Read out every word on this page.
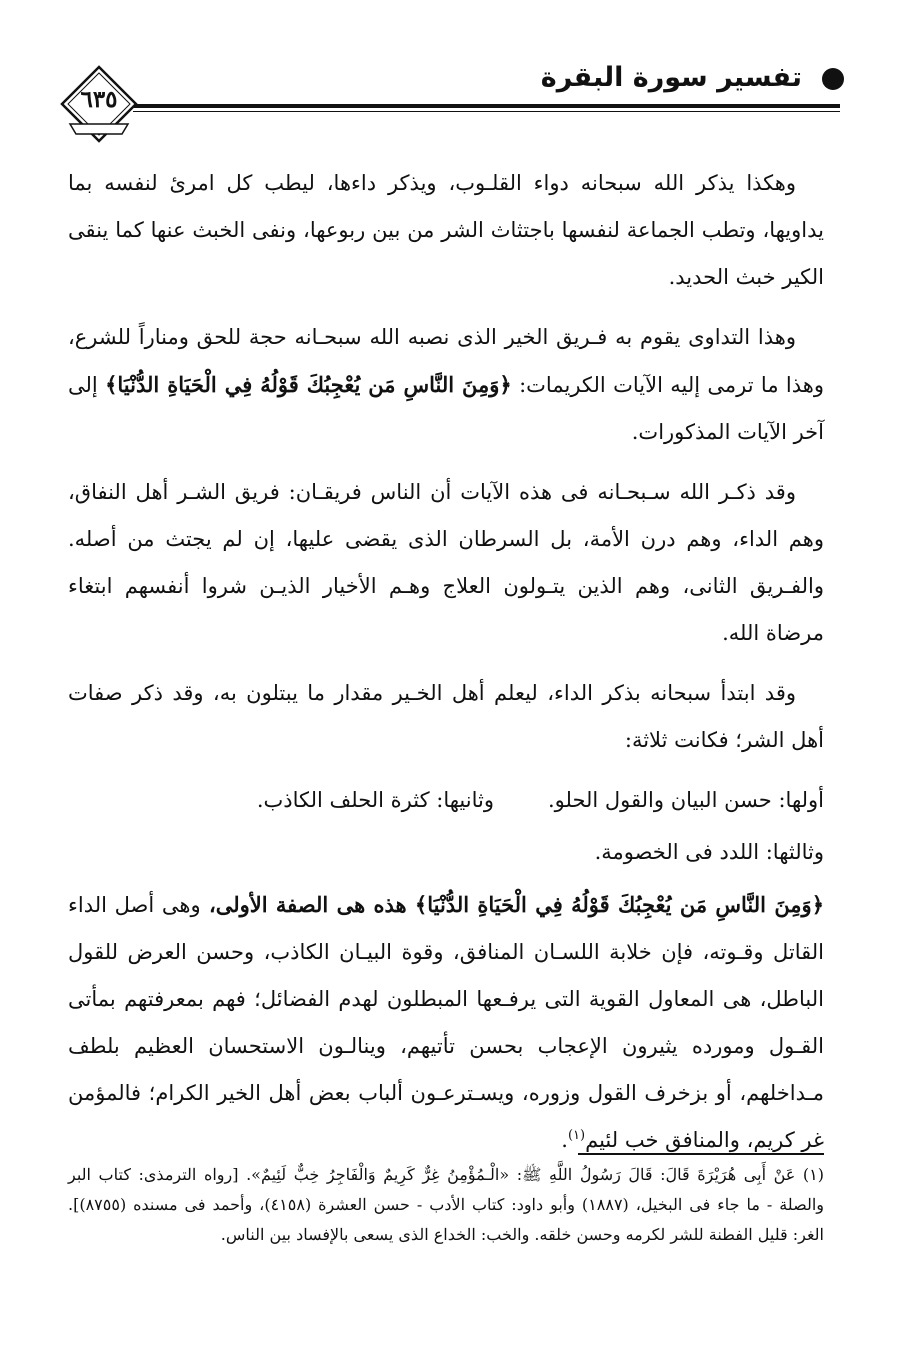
تفسير سورة البقرة
٦٣٥

وهكذا يذكر الله سبحانه دواء القلـوب، ويذكر داءها، ليطب كل امرئ لنفسه بما يداويها، وتطب الجماعة لنفسها باجتثاث الشر من بين ربوعها، ونفى الخبث عنها كما ينقى الكير خبث الحديد.

وهذا التداوى يقوم به فـريق الخير الذى نصبه الله سبحـانه حجة للحق ومناراً للشرع، وهذا ما ترمى إليه الآيات الكريمات: ﴿وَمِنَ النَّاسِ مَن يُعْجِبُكَ قَوْلُهُ فِي الْحَيَاةِ الدُّنْيَا﴾ إلى آخر الآيات المذكورات.

وقد ذكـر الله سـبحـانه فى هذه الآيات أن الناس فريقـان: فريق الشـر أهل النفاق، وهم الداء، وهم درن الأمة، بل السرطان الذى يقضى عليها، إن لم يجتث من أصله. والفـريق الثانى، وهم الذين يتـولون العلاج وهـم الأخيار الذيـن شروا أنفسهم ابتغاء مرضاة الله.

وقد ابتدأ سبحانه بذكر الداء، ليعلم أهل الخـير مقدار ما يبتلون به، وقد ذكر صفات أهل الشر؛ فكانت ثلاثة:

أولها: حسن البيان والقول الحلو.
وثانيها: كثرة الحلف الكاذب.
وثالثها: اللدد فى الخصومة.

﴿وَمِنَ النَّاسِ مَن يُعْجِبُكَ قَوْلُهُ فِي الْحَيَاةِ الدُّنْيَا﴾ هذه هى الصفة الأولى، وهى أصل الداء القاتل وقـوته، فإن خلابة اللسـان المنافق، وقوة البيـان الكاذب، وحسن العرض للقول الباطل، هى المعاول القوية التى يرفـعها المبطلون لهدم الفضائل؛ فهم بمعرفتهم بمأتى القـول ومورده يثيرون الإعجاب بحسن تأتيهم، وينالـون الاستحسان العظيم بلطف مـداخلهم، أو بزخرف القول وزوره، ويسـترعـون ألباب بعض أهل الخير الكرام؛ فالمؤمن غر كريم، والمنافق خب لئيم$^{(١)}$.

(١) عَنْ أَبِى هُرَيْرَةَ قَالَ: قَالَ رَسُولُ اللَّهِ ﷺ: «الْـمُؤْمِنُ غِرٌّ كَرِيمٌ وَالْفَاجِرُ خِبٌّ لَئِيمٌ». [رواه الترمذى: كتاب البر والصلة - ما جاء فى البخيل، (١٨٨٧) وأبو داود: كتاب الأدب - حسن العشرة (٤١٥٨)، وأحمد فى مسنده (٨٧٥٥)]. الغر: قليل الفطنة للشر لكرمه وحسن خلقه. والخب: الخداع الذى يسعى بالإفساد بين الناس.
